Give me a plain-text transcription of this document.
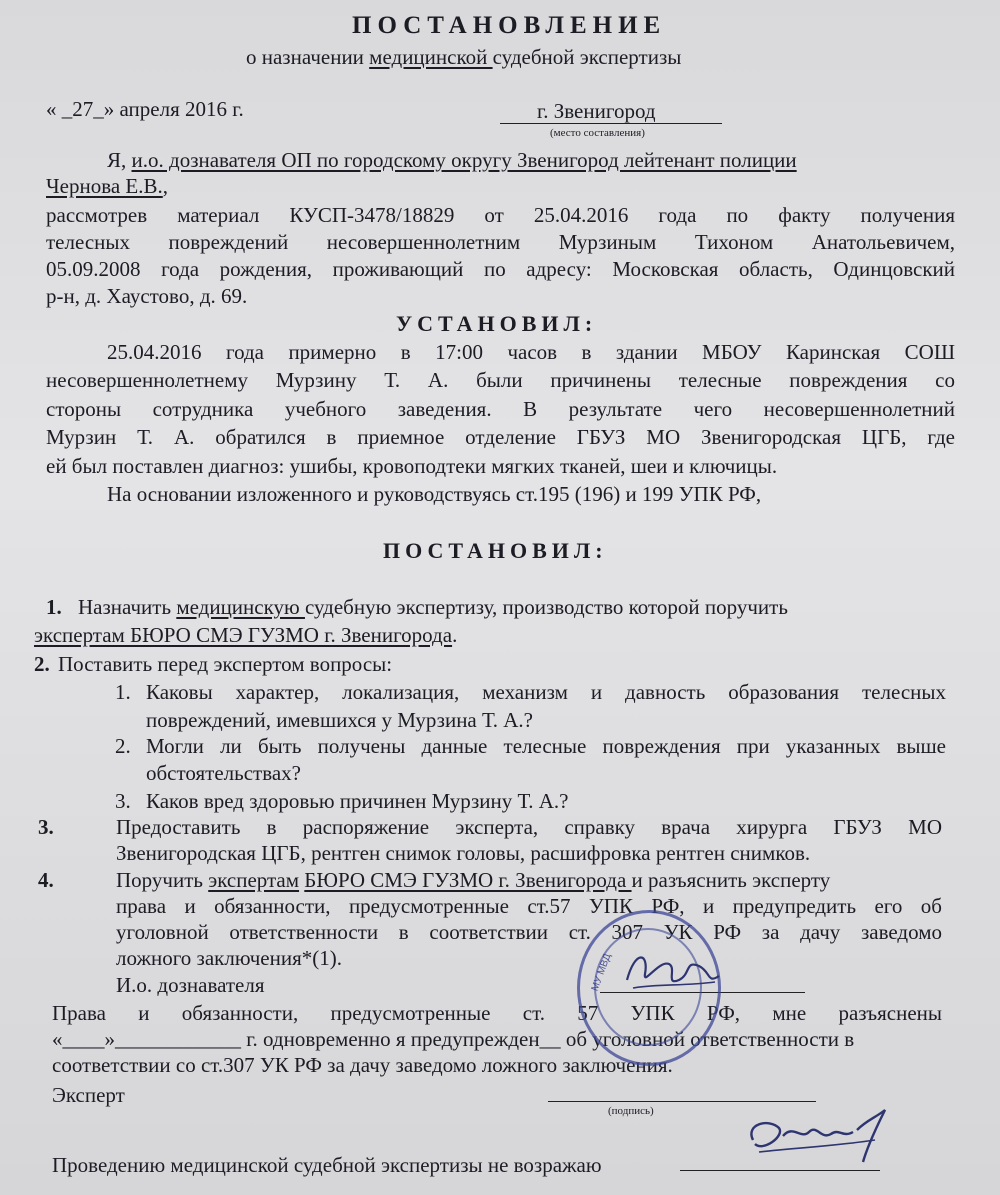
ПОСТАНОВЛЕНИЕ
о назначении медицинской судебной экспертизы
« _27_» апреля 2016 г.	г. Звенигород
(место составления)
Я, и.о. дознавателя ОП по городскому округу Звенигород лейтенант полиции
Чернова Е.В.,
рассмотрев материал КУСП-3478/18829 от 25.04.2016 года по факту получения
телесных повреждений несовершеннолетним Мурзиным Тихоном Анатольевичем,
05.09.2008 года рождения, проживающий по адресу: Московская область, Одинцовский
р-н, д. Хаустово, д. 69.
УСТАНОВИЛ:
25.04.2016 года примерно в 17:00 часов в здании МБОУ Каринская СОШ
несовершеннолетнему Мурзину Т. А. были причинены телесные повреждения со
стороны сотрудника учебного заведения. В результате чего несовершеннолетний
Мурзин Т. А. обратился в приемное отделение ГБУЗ МО Звенигородская ЦГБ, где
ей был поставлен диагноз: ушибы, кровоподтеки мягких тканей, шеи и ключицы.
На основании изложенного и руководствуясь ст.195 (196) и 199 УПК РФ,
ПОСТАНОВИЛ:
1. Назначить медицинскую судебную экспертизу, производство которой поручить
экспертам БЮРО СМЭ ГУЗМО г. Звенигорода.
2. Поставить перед экспертом вопросы:
1. Каковы характер, локализация, механизм и давность образования телесных
повреждений, имевшихся у Мурзина Т. А.?
2. Могли ли быть получены данные телесные повреждения при указанных выше
обстоятельствах?
3. Каков вред здоровью причинен Мурзину Т. А.?
3.	Предоставить в распоряжение эксперта, справку врача хирурга ГБУЗ МО
Звенигородская ЦГБ, рентген снимок головы, расшифровка рентген снимков.
4.	Поручить экспертам БЮРО СМЭ ГУЗМО г. Звенигорода и разъяснить эксперту
права и обязанности, предусмотренные ст.57 УПК РФ, и предупредить его об
уголовной ответственности в соответствии ст. 307 УК РФ за дачу заведомо
ложного заключения*(1).
И.о. дознавателя
Права и обязанности, предусмотренные ст. 57 УПК РФ, мне разъяснены
«____»____________ г. одновременно я предупрежден__ об уголовной ответственности в
соответствии со ст.307 УК РФ за дачу заведомо ложного заключения.
Эксперт
(подпись)
Проведению медицинской судебной экспертизы не возражаю
МУ МВД
